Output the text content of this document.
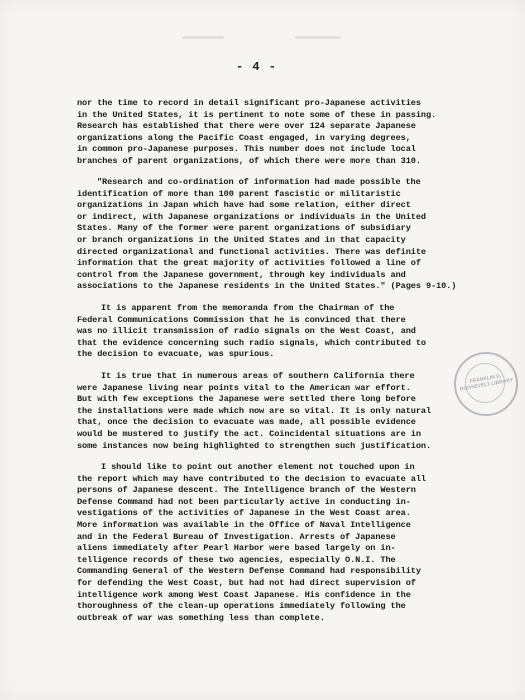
- 4 -

nor the time to record in detail significant pro-Japanese activities
in the United States, it is pertinent to note some of these in passing.
Research has established that there were over 124 separate Japanese
organizations along the Pacific Coast engaged, in varying degrees,
in common pro-Japanese purposes. This number does not include local
branches of parent organizations, of which there were more than 310.

"Research and co-ordination of information had made possible the
identification of more than 100 parent fascistic or militaristic
organizations in Japan which have had some relation, either direct
or indirect, with Japanese organizations or individuals in the United
States. Many of the former were parent organizations of subsidiary
or branch organizations in the United States and in that capacity
directed organizational and functional activities. There was definite
information that the great majority of activities followed a line of
control from the Japanese government, through key individuals and
associations to the Japanese residents in the United States." (Pages 9-10.)

It is apparent from the memoranda from the Chairman of the
Federal Communications Commission that he is convinced that there
was no illicit transmission of radio signals on the West Coast, and
that the evidence concerning such radio signals, which contributed to
the decision to evacuate, was spurious.

It is true that in numerous areas of southern California there
were Japanese living near points vital to the American war effort.
But with few exceptions the Japanese were settled there long before
the installations were made which now are so vital. It is only natural
that, once the decision to evacuate was made, all possible evidence
would be mustered to justify the act. Coincidental situations are in
some instances now being highlighted to strengthen such justification.

I should like to point out another element not touched upon in
the report which may have contributed to the decision to evacuate all
persons of Japanese descent. The Intelligence branch of the Western
Defense Command had not been particularly active in conducting in-
vestigations of the activities of Japanese in the West Coast area.
More information was available in the Office of Naval Intelligence
and in the Federal Bureau of Investigation. Arrests of Japanese
aliens immediately after Pearl Harbor were based largely on in-
telligence records of these two agencies, especially O.N.I. The
Commanding General of the Western Defense Command had responsibility
for defending the West Coast, but had not had direct supervision of
intelligence work among West Coast Japanese. His confidence in the
thoroughness of the clean-up operations immediately following the
outbreak of war was something less than complete.

FRANKLIN D. ROOSEVELT LIBRARY
